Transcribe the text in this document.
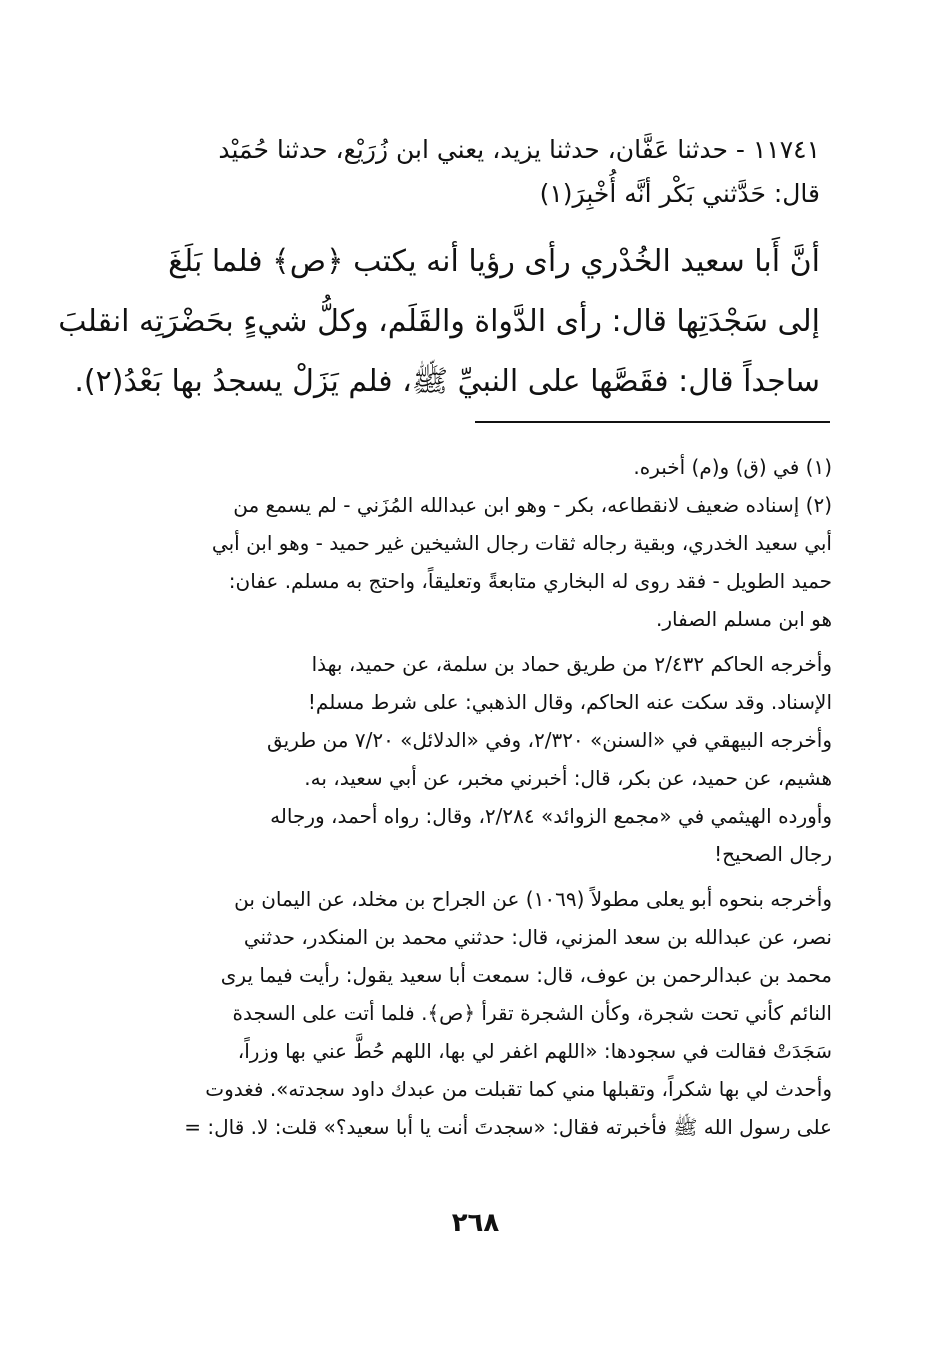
١١٧٤١ - حدثنا عَفَّان، حدثنا يزيد، يعني ابن زُرَيْع، حدثنا حُمَيْد
قال: حَدَّثني بَكْر أنَّه أُخْبِرَ(١)
أنَّ أَبا سعيد الخُدْري رأى رؤيا أنه يكتب ﴿ص﴾ فلما بَلَغَ
إلى سَجْدَتِها قال: رأى الدَّواة والقَلَم، وكلُّ شيءٍ بحَضْرَتِه انقلبَ
ساجداً قال: فقَصَّها على النبيِّ ﷺ، فلم يَزَلْ يسجدُ بها بَعْدُ(٢).
(١) في (ق) و(م) أخبره.
(٢) إسناده ضعيف لانقطاعه، بكر - وهو ابن عبدالله المُزَني - لم يسمع من
أبي سعيد الخدري، وبقية رجاله ثقات رجال الشيخين غير حميد - وهو ابن أبي
حميد الطويل - فقد روى له البخاري متابعةً وتعليقاً، واحتج به مسلم. عفان:
هو ابن مسلم الصفار.
وأخرجه الحاكم ٢/٤٣٢ من طريق حماد بن سلمة، عن حميد، بهذا
الإسناد. وقد سكت عنه الحاكم، وقال الذهبي: على شرط مسلم!
وأخرجه البيهقي في «السنن» ٢/٣٢٠، وفي «الدلائل» ٧/٢٠ من طريق
هشيم، عن حميد، عن بكر، قال: أخبرني مخبر، عن أبي سعيد، به.
وأورده الهيثمي في «مجمع الزوائد» ٢/٢٨٤، وقال: رواه أحمد، ورجاله
رجال الصحيح!
وأخرجه بنحوه أبو يعلى مطولاً (١٠٦٩) عن الجراح بن مخلد، عن اليمان بن
نصر، عن عبدالله بن سعد المزني، قال: حدثني محمد بن المنكدر، حدثني
محمد بن عبدالرحمن بن عوف، قال: سمعت أبا سعيد يقول: رأيت فيما يرى
النائم كأني تحت شجرة، وكأن الشجرة تقرأ ﴿ص﴾. فلما أتت على السجدة
سَجَدَتْ فقالت في سجودها: «اللهم اغفر لي بها، اللهم حُطَّ عني بها وزراً،
وأحدث لي بها شكراً، وتقبلها مني كما تقبلت من عبدك داود سجدته». فغدوت
على رسول الله ﷺ فأخبرته فقال: «سجدتَ أنت يا أبا سعيد؟» قلت: لا. قال: =
٢٦٨
